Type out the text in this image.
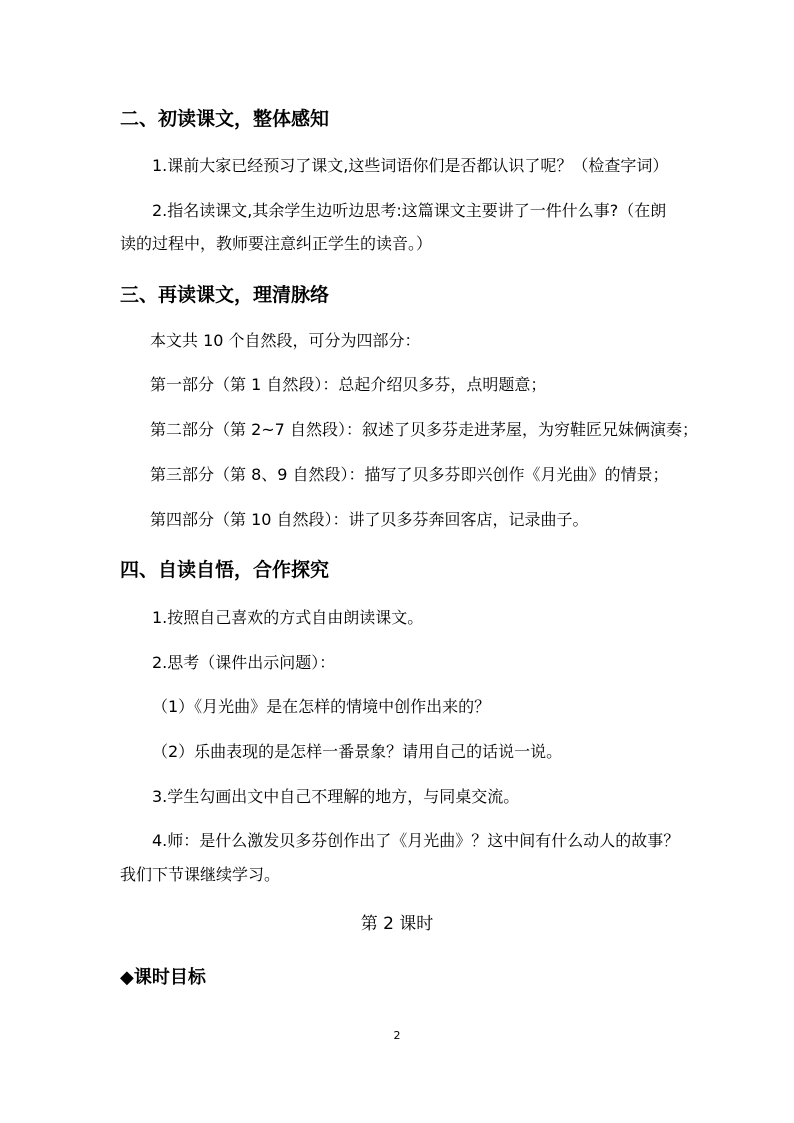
二、初读课文，整体感知
1.课前大家已经预习了课文,这些词语你们是否都认识了呢？（检查字词）
2.指名读课文,其余学生边听边思考:这篇课文主要讲了一件什么事?（在朗
读的过程中，教师要注意纠正学生的读音。）
三、再读课文，理清脉络
本文共 10 个自然段，可分为四部分：
第一部分（第 1 自然段）：总起介绍贝多芬，点明题意；
第二部分（第 2~7 自然段）：叙述了贝多芬走进茅屋，为穷鞋匠兄妹俩演奏；
第三部分（第 8、9 自然段）：描写了贝多芬即兴创作《月光曲》的情景；
第四部分（第 10 自然段）：讲了贝多芬奔回客店，记录曲子。
四、自读自悟，合作探究
1.按照自己喜欢的方式自由朗读课文。
2.思考（课件出示问题）：
（1）《月光曲》是在怎样的情境中创作出来的？
（2）乐曲表现的是怎样一番景象？请用自己的话说一说。
3.学生勾画出文中自己不理解的地方，与同桌交流。
4.师：是什么激发贝多芬创作出了《月光曲》？这中间有什么动人的故事？
我们下节课继续学习。
第 2 课时
◆课时目标
2
